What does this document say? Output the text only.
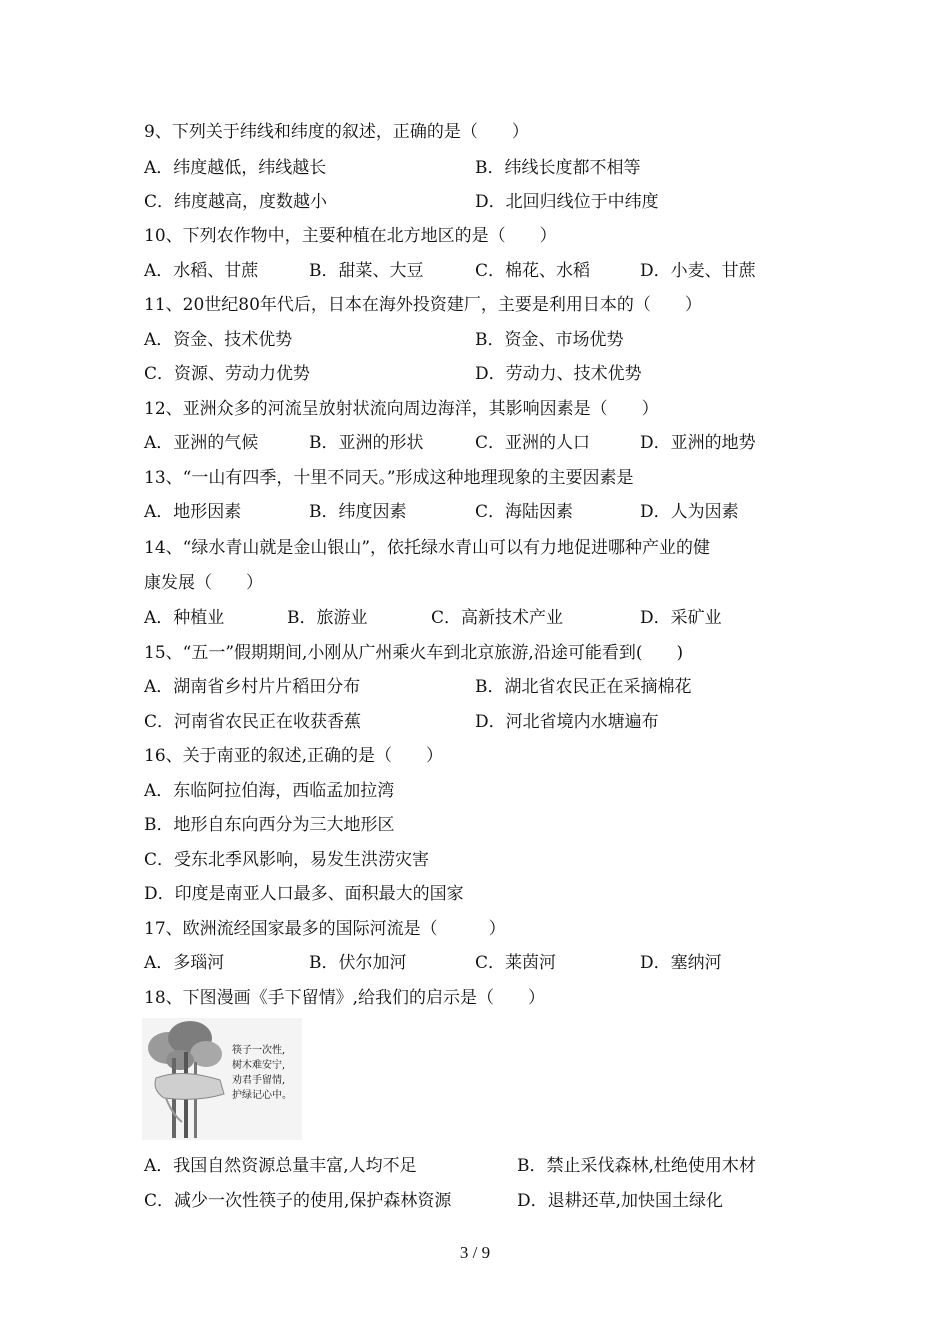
9、下列关于纬线和纬度的叙述，正确的是（　　）
A．纬度越低，纬线越长	B．纬线长度都不相等
C．纬度越高，度数越小	D．北回归线位于中纬度
10、下列农作物中，主要种植在北方地区的是（　　）
A．水稻、甘蔗	B．甜菜、大豆	C．棉花、水稻	D．小麦、甘蔗
11、20世纪80年代后，日本在海外投资建厂，主要是利用日本的（　　）
A．资金、技术优势	B．资金、市场优势
C．资源、劳动力优势	D．劳动力、技术优势
12、亚洲众多的河流呈放射状流向周边海洋，其影响因素是（　　）
A．亚洲的气候	B．亚洲的形状	C．亚洲的人口	D．亚洲的地势
13、“一山有四季，十里不同天。”形成这种地理现象的主要因素是
A．地形因素	B．纬度因素	C．海陆因素	D．人为因素
14、“绿水青山就是金山银山”，依托绿水青山可以有力地促进哪种产业的健
康发展（　　）
A．种植业	B．旅游业	C．高新技术产业	D．采矿业
15、“五一”假期期间,小刚从广州乘火车到北京旅游,沿途可能看到(　　)
A．湖南省乡村片片稻田分布	B．湖北省农民正在采摘棉花
C．河南省农民正在收获香蕉	D．河北省境内水塘遍布
16、关于南亚的叙述,正确的是（　　）
A．东临阿拉伯海，西临孟加拉湾
B．地形自东向西分为三大地形区
C．受东北季风影响，易发生洪涝灾害
D．印度是南亚人口最多、面积最大的国家
17、欧洲流经国家最多的国际河流是（　　　）
A．多瑙河	B．伏尔加河	C．莱茵河	D．塞纳河
18、下图漫画《手下留情》,给我们的启示是（　　）
筷子一次性,
树木难安宁,
劝君手留情,
护绿记心中。
A．我国自然资源总量丰富,人均不足	B．禁止采伐森林,杜绝使用木材
C．减少一次性筷子的使用,保护森林资源	D．退耕还草,加快国土绿化
3 / 9
